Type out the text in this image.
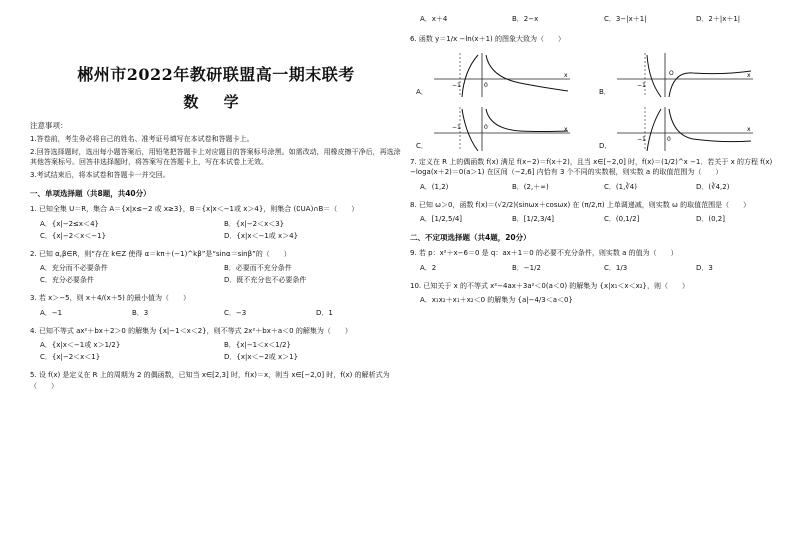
郴州市2022年教研联盟高一期末联考
数 学
注意事项：

1.答卷前，考生务必将自己的姓名、准考证号填写在本试卷和答题卡上。

2.回答选择题时，选出每小题答案后，用铅笔把答题卡上对应题目的答案标号涂黑。如需改动，用橡皮擦干净后，再选涂其他答案标号。回答非选择题时，将答案写在答题卡上，写在本试卷上无效。

3.考试结束后，将本试卷和答题卡一并交回。

一、单项选择题（共8题，共40分）
1. 已知全集 U＝R，集合 A＝{x|x≤−2 或 x≥3}，B＝{x|x＜−1或 x＞4}，则集合 (∁UA)∩B＝（　　）
A．{x|−2≤x＜4}	B．{x|−2＜x＜3}
C．{x|−2＜x＜−1}	D．{x|x＜−1或 x＞4}
2. 已知 α,β∈R，则“存在 k∈Z 使得 α＝kπ＋(−1)^kβ”是“sinα＝sinβ”的（　　）
A．充分而不必要条件	B．必要而不充分条件
C．充分必要条件	D．既不充分也不必要条件
3. 若 x＞−5，则 x＋4/(x＋5) 的最小值为（　　）
A．−1	B．3	C．−3	D．1
4. 已知不等式 ax²＋bx＋2＞0 的解集为 {x|−1＜x＜2}，则不等式 2x²＋bx＋a＜0 的解集为（　　）
A．{x|x＜−1或 x＞1/2}	B．{x|−1＜x＜1/2}
C．{x|−2＜x＜1}	D．{x|x＜−2或 x＞1}
5. 设 f(x) 是定义在 R 上的周期为 2 的偶函数，已知当 x∈[2,3] 时，f(x)＝x，则当 x∈[−2,0] 时，f(x) 的解析式为（　　）
A．x＋4	B．2−x	C．3−|x＋1|	D．2＋|x＋1|
6. 函数 y＝1/x −ln(x＋1) 的图象大致为（　　）
A．
−1	0
x
B．
−1
O	x
C．
−1	0	x
D．
−1	0
x
7. 定义在 R 上的偶函数 f(x) 满足 f(x−2)＝f(x＋2)，且当 x∈[−2,0] 时，f(x)＝(1/2)^x −1．若关于 x 的方程 f(x)−loga(x＋2)＝0(a＞1) 在区间（−2,6] 内恰有 3 个不同的实数根，则实数 a 的取值范围为（　　）
A．(1,2)	B．(2,＋∞)	C．(1,∛4)	D．(∛4,2)
8. 已知 ω＞0，函数 f(x)＝(√2/2)(sinωx＋cosωx) 在 (π/2,π) 上单调递减，则实数 ω 的取值范围是（　　）
A．[1/2,5/4]	B．[1/2,3/4]	C．(0,1/2]	D．(0,2]
二、不定项选择题（共4题，20分）
9. 若 p：x²＋x−6＝0 是 q：ax＋1＝0 的必要不充分条件，则实数 a 的值为（　　）
A．2	B．−1/2	C．1/3	D．3
10. 已知关于 x 的不等式 x²−4ax＋3a²＜0(a＜0) 的解集为 {x|x₁＜x＜x₂}，则（　　）
A．x₁x₂＋x₁＋x₂＜0 的解集为 {a|−4/3＜a＜0}
